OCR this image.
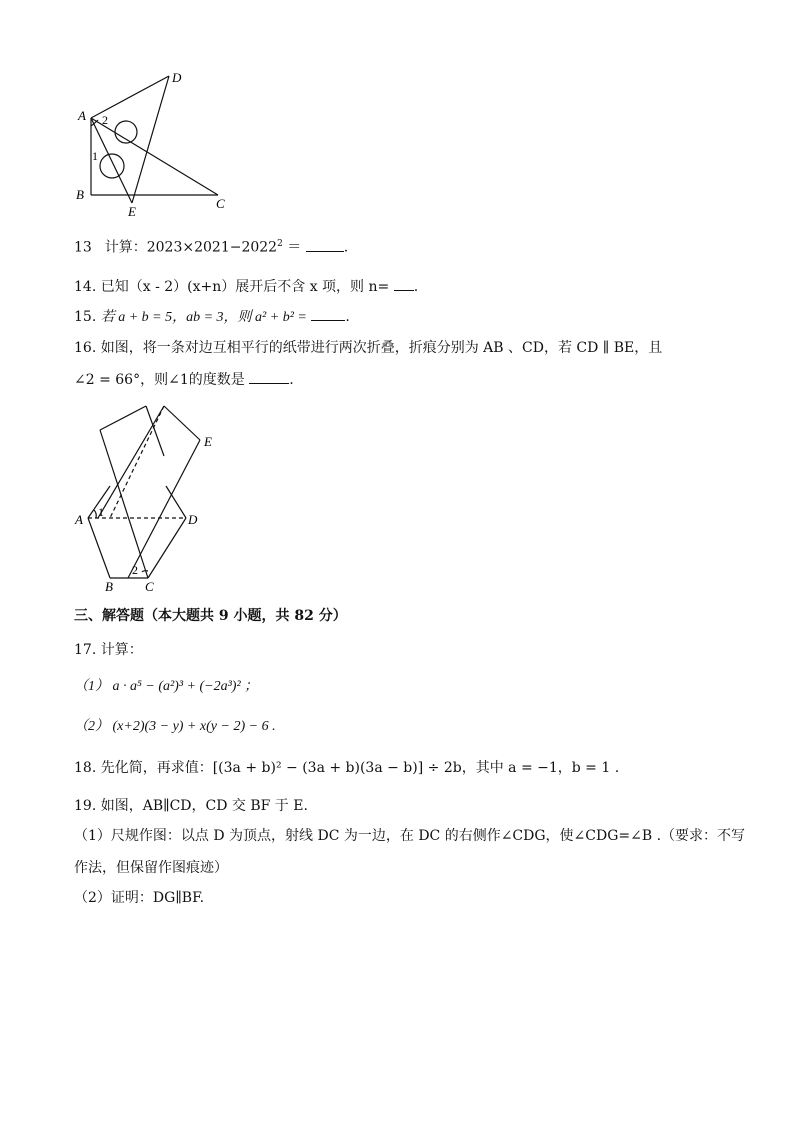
A
B
C
D
E
1
2
13 计算：$2023\times 2021-2022^2$ ＝	.
14. 已知（x - 2）(x+n）展开后不含 x 项，则 n= .
15. 若 a + b = 5，ab = 3，则 a² + b² =	.
16. 如图，将一条对边互相平行的纸带进行两次折叠，折痕分别为 AB 、CD，若 CD ∥ BE，且
∠2 = 66°，则∠1的度数是	.
A
B C
D
E
1
2
三、解答题（本大题共 9 小题，共 82 分）
17. 计算：
（1） a · a⁵ − (a²)³ + (−2a³)² ；
（2） (x+2)(3 − y) + x(y − 2) − 6 .
18. 先化简，再求值：[(3a + b)² − (3a + b)(3a − b)] ÷ 2b，其中 a = −1，b = 1 .
19. 如图，AB∥CD，CD 交 BF 于 E.
（1）尺规作图：以点 D 为顶点，射线 DC 为一边，在 DC 的右侧作∠CDG，使∠CDG=∠B .（要求：不写
作法，但保留作图痕迹）
（2）证明：DG∥BF.
